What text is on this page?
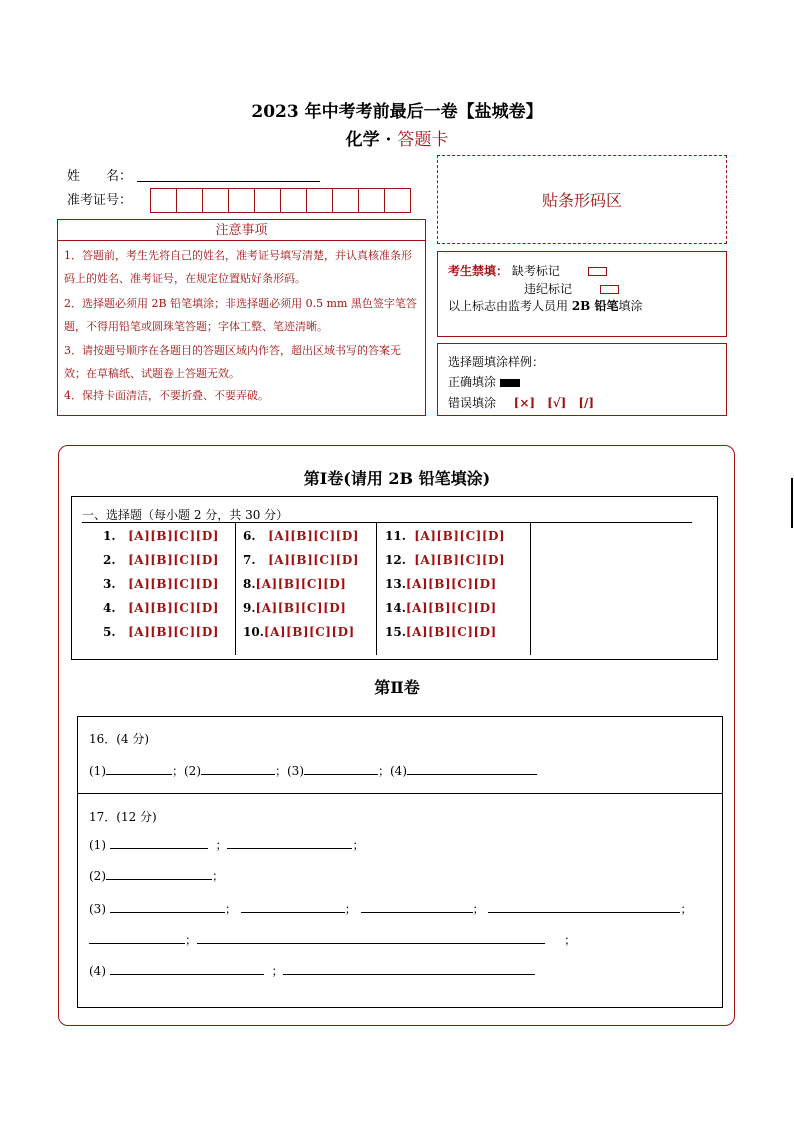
2023 年中考考前最后一卷【盐城卷】
化学 · 答题卡
姓　　名：
准考证号：	贴条形码区
注意事项
1．答题前，考生先将自己的姓名，准考证号填写清楚，并认真核准条形码上的姓名、准考证号，在规定位置贴好条形码。
2．选择题必须用 2B 铅笔填涂；非选择题必须用 0.5 mm 黑色签字笔答题，不得用铅笔或圆珠笔答题；字体工整、笔迹清晰。
3．请按题号顺序在各题目的答题区域内作答，超出区域书写的答案无效；在草稿纸、试题卷上答题无效。
4．保持卡面清洁，不要折叠、不要弄破。
考生禁填： 缺考标记
违纪标记
以上标志由监考人员用 2B 铅笔填涂
选择题填涂样例：
正确填涂
错误填涂 [×]　[√]　[/]
第Ⅰ卷(请用 2B 铅笔填涂)
一、选择题（每小题 2 分，共 30 分）
1. [A][B][C][D]
2. [A][B][C][D]
3. [A][B][C][D]
4. [A][B][C][D]
5. [A][B][C][D]
6. [A][B][C][D]
7. [A][B][C][D]
8.[A][B][C][D]
9.[A][B][C][D]
10.[A][B][C][D]
11. [A][B][C][D]
12. [A][B][C][D]
13.[A][B][C][D]
14.[A][B][C][D]
15.[A][B][C][D]
第Ⅱ卷
16．(4 分)
(1)	；(2)	；(3)	；(4)
17．(12 分)
(1)	；	；
(2)	；
(3)	；	；	；	；
；	；
(4)	；
